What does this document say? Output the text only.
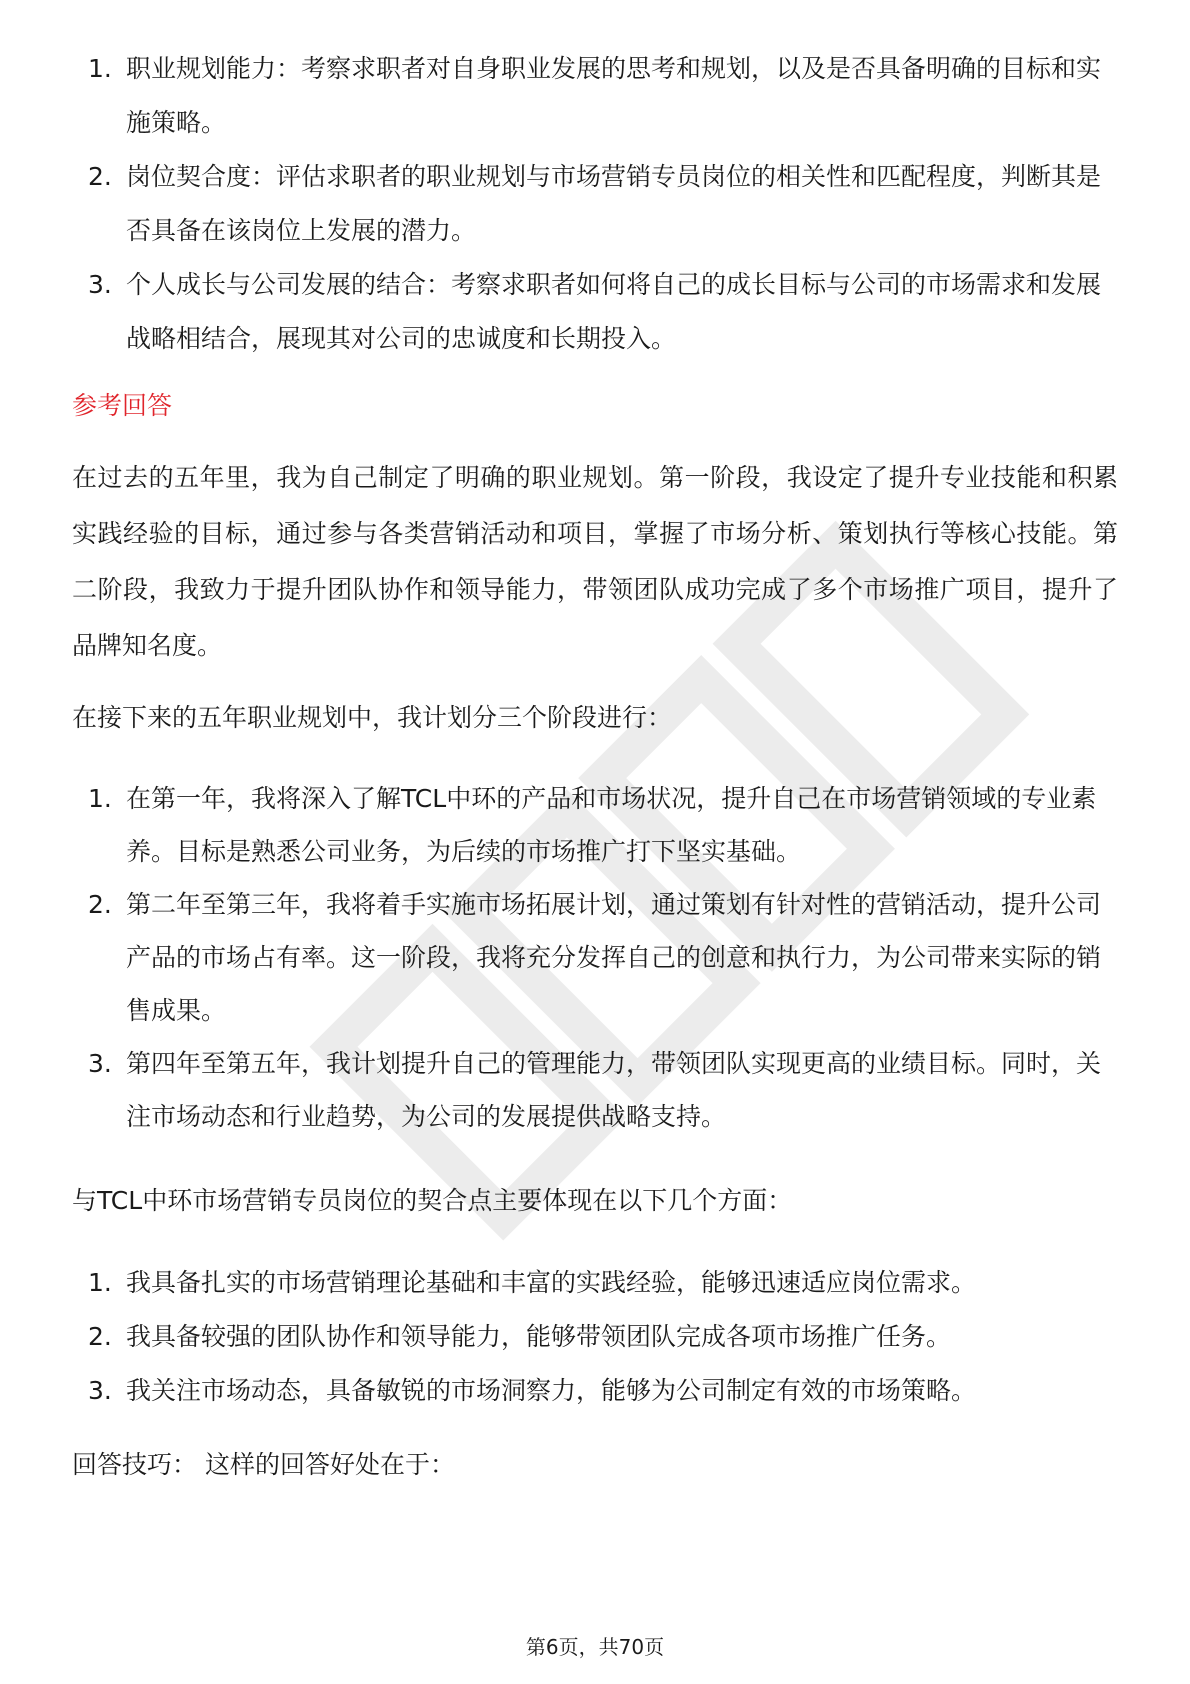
1. 职业规划能力：考察求职者对自身职业发展的思考和规划，以及是否具备明确的目标和实施策略。
2. 岗位契合度：评估求职者的职业规划与市场营销专员岗位的相关性和匹配程度，判断其是否具备在该岗位上发展的潜力。
3. 个人成长与公司发展的结合：考察求职者如何将自己的成长目标与公司的市场需求和发展战略相结合，展现其对公司的忠诚度和长期投入。
参考回答

在过去的五年里，我为自己制定了明确的职业规划。第一阶段，我设定了提升专业技能和积累实践经验的目标，通过参与各类营销活动和项目，掌握了市场分析、策划执行等核心技能。第二阶段，我致力于提升团队协作和领导能力，带领团队成功完成了多个市场推广项目，提升了品牌知名度。

在接下来的五年职业规划中，我计划分三个阶段进行：

1. 在第一年，我将深入了解TCL中环的产品和市场状况，提升自己在市场营销领域的专业素养。目标是熟悉公司业务，为后续的市场推广打下坚实基础。
2. 第二年至第三年，我将着手实施市场拓展计划，通过策划有针对性的营销活动，提升公司产品的市场占有率。这一阶段，我将充分发挥自己的创意和执行力，为公司带来实际的销售成果。
3. 第四年至第五年，我计划提升自己的管理能力，带领团队实现更高的业绩目标。同时，关注市场动态和行业趋势，为公司的发展提供战略支持。

与TCL中环市场营销专员岗位的契合点主要体现在以下几个方面：

1. 我具备扎实的市场营销理论基础和丰富的实践经验，能够迅速适应岗位需求。
2. 我具备较强的团队协作和领导能力，能够带领团队完成各项市场推广任务。
3. 我关注市场动态，具备敏锐的市场洞察力，能够为公司制定有效的市场策略。

回答技巧： 这样的回答好处在于：

第6页，共70页
